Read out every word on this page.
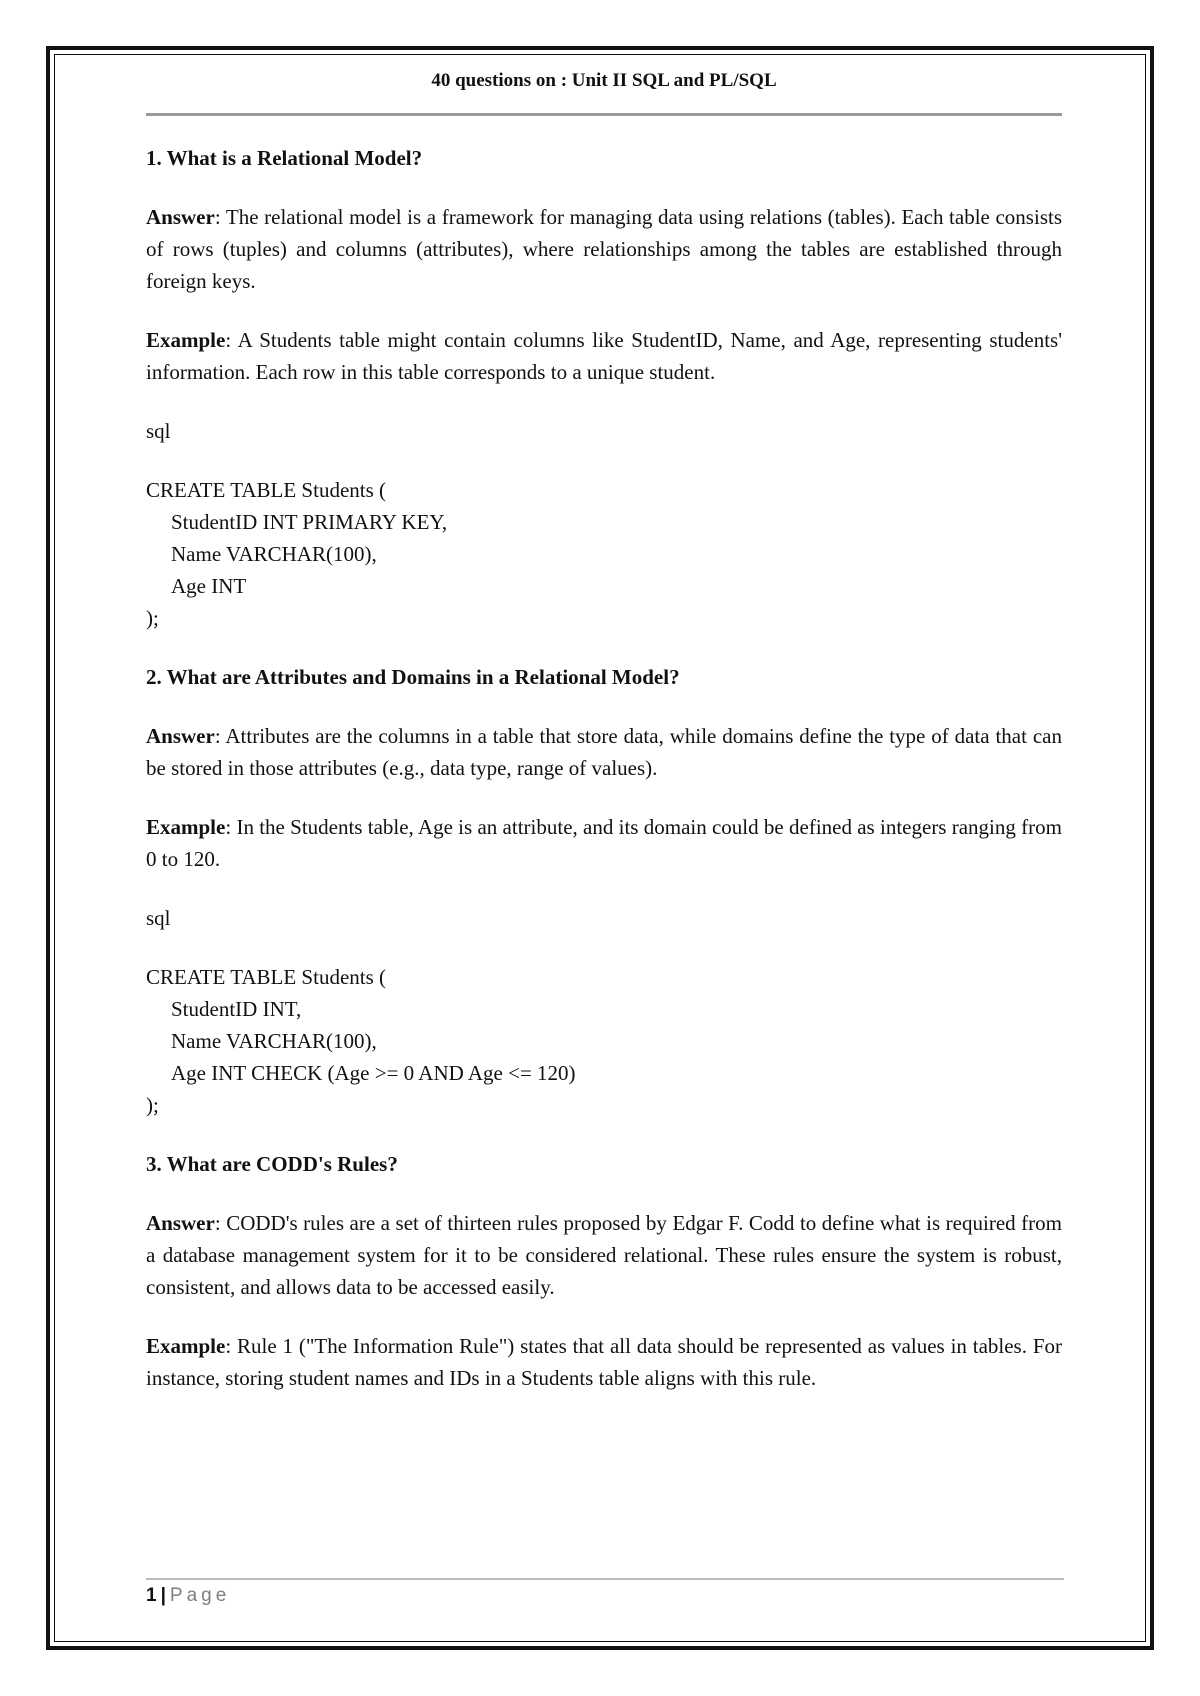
40 questions on : Unit II SQL and PL/SQL
1. What is a Relational Model?
Answer: The relational model is a framework for managing data using relations (tables). Each table consists of rows (tuples) and columns (attributes), where relationships among the tables are established through foreign keys.
Example: A Students table might contain columns like StudentID, Name, and Age, representing students' information. Each row in this table corresponds to a unique student.
sql
CREATE TABLE Students (
StudentID INT PRIMARY KEY,
Name VARCHAR(100),
Age INT
);
2. What are Attributes and Domains in a Relational Model?
Answer: Attributes are the columns in a table that store data, while domains define the type of data that can be stored in those attributes (e.g., data type, range of values).
Example: In the Students table, Age is an attribute, and its domain could be defined as integers ranging from 0 to 120.
sql
CREATE TABLE Students (
StudentID INT,
Name VARCHAR(100),
Age INT CHECK (Age >= 0 AND Age <= 120)
);
3. What are CODD's Rules?
Answer: CODD's rules are a set of thirteen rules proposed by Edgar F. Codd to define what is required from a database management system for it to be considered relational. These rules ensure the system is robust, consistent, and allows data to be accessed easily.
Example: Rule 1 ("The Information Rule") states that all data should be represented as values in tables. For instance, storing student names and IDs in a Students table aligns with this rule.
1 | Page
